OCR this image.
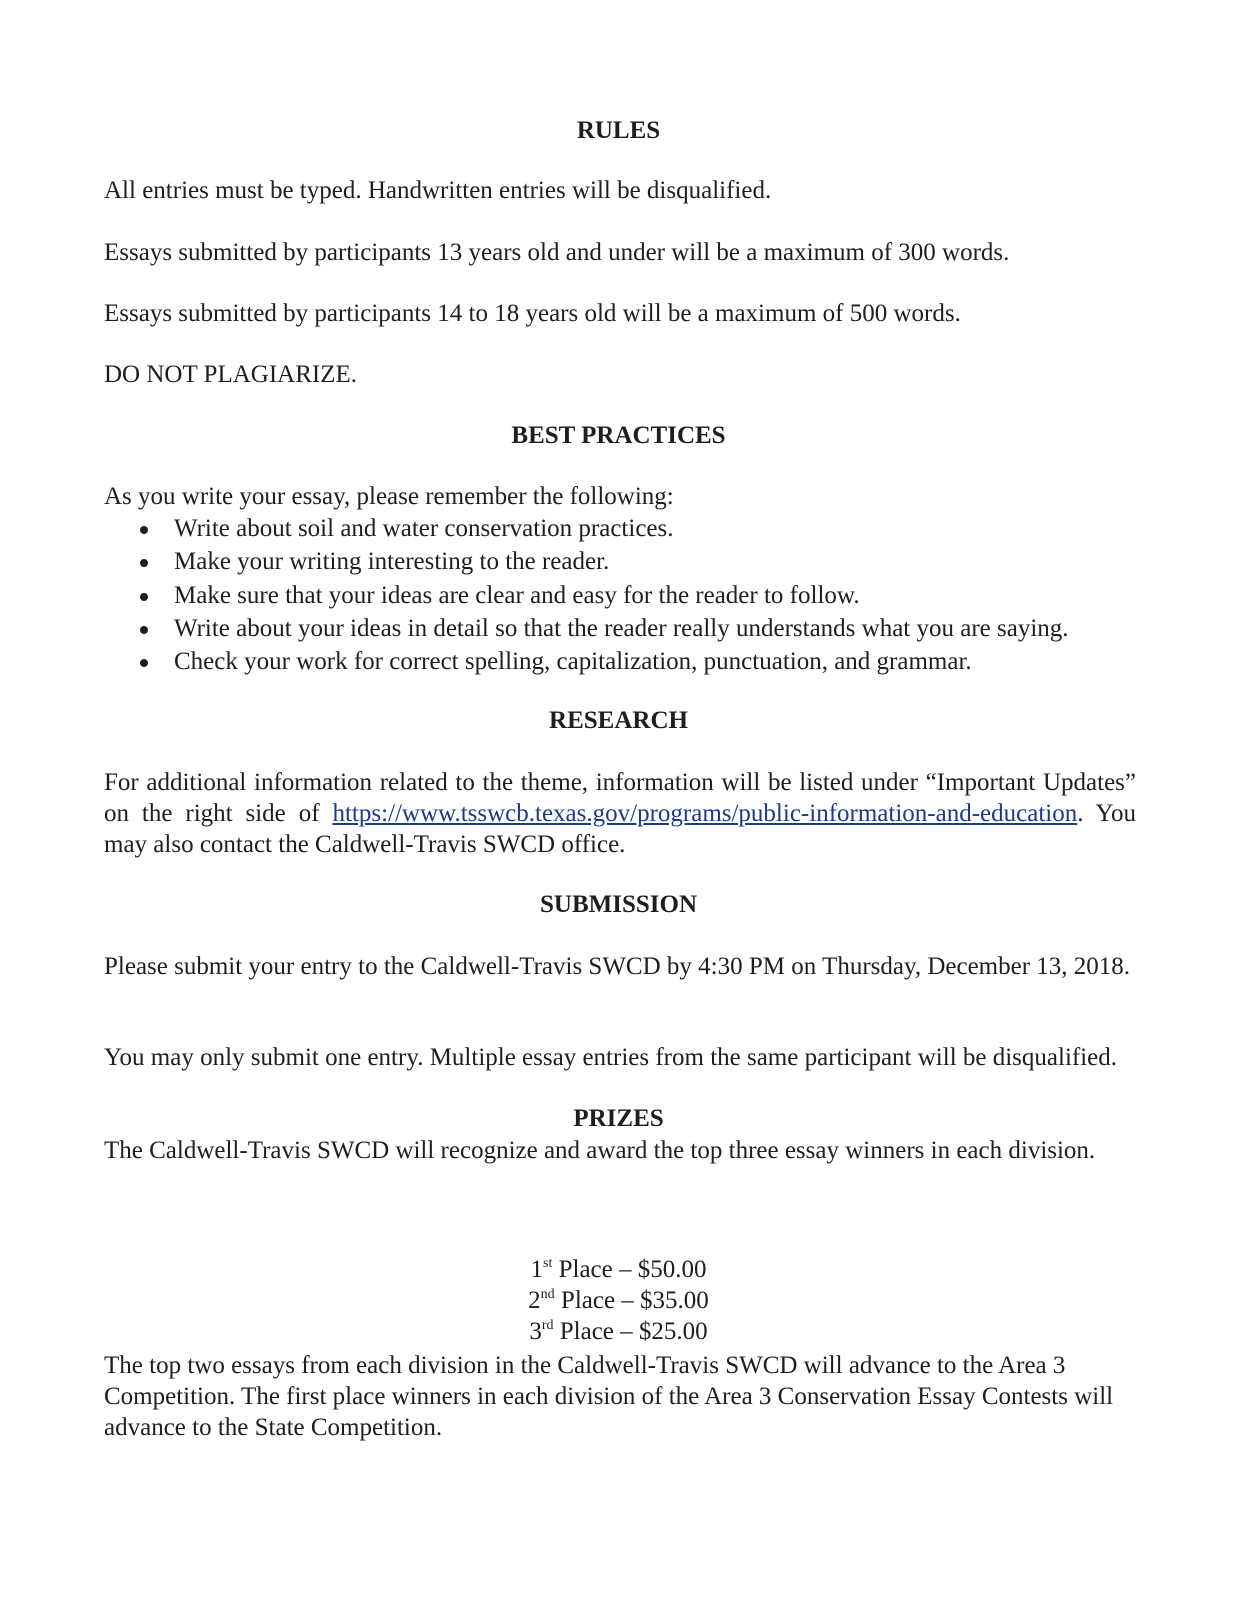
RULES

All entries must be typed. Handwritten entries will be disqualified.

Essays submitted by participants 13 years old and under will be a maximum of 300 words.

Essays submitted by participants 14 to 18 years old will be a maximum of 500 words.

DO NOT PLAGIARIZE.

BEST PRACTICES

As you write your essay, please remember the following:

Write about soil and water conservation practices.
Make your writing interesting to the reader.
Make sure that your ideas are clear and easy for the reader to follow.
Write about your ideas in detail so that the reader really understands what you are saying.
Check your work for correct spelling, capitalization, punctuation, and grammar.
RESEARCH

For additional information related to the theme, information will be listed under “Important Updates” on the right side of https://www.tsswcb.texas.gov/programs/public-information-and-education. You may also contact the Caldwell-Travis SWCD office.

SUBMISSION

Please submit your entry to the Caldwell-Travis SWCD by 4:30 PM on Thursday, December 13, 2018.

You may only submit one entry. Multiple essay entries from the same participant will be disqualified.

PRIZES

The Caldwell-Travis SWCD will recognize and award the top three essay winners in each division.

1st Place – $50.00
2nd Place – $35.00
3rd Place – $25.00

The top two essays from each division in the Caldwell-Travis SWCD will advance to the Area 3 Competition. The first place winners in each division of the Area 3 Conservation Essay Contests will advance to the State Competition.
